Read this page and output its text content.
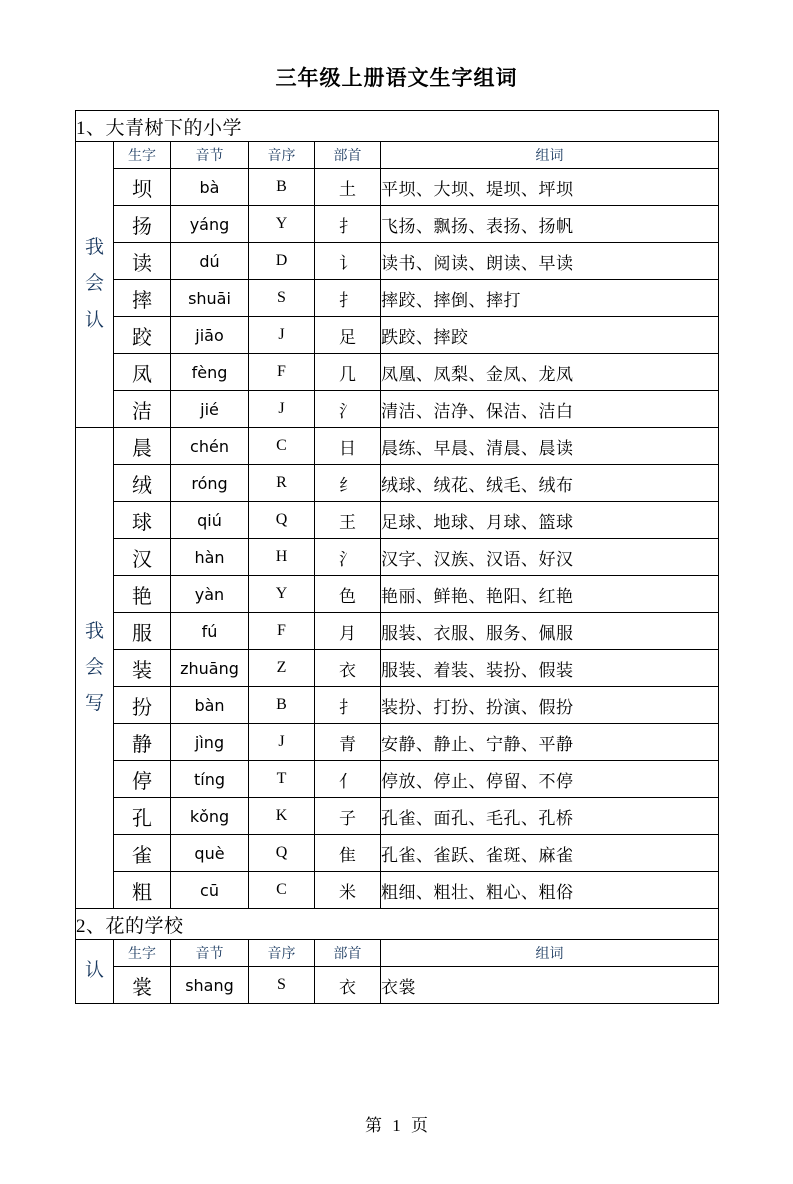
三年级上册语文生字组词
1、大青树下的小学					

我
会
认	生字	音节	音序	部首	组词
	坝	bà	B	土	平坝、大坝、堤坝、坪坝
	扬	yáng	Y	扌	飞扬、飘扬、表扬、扬帆
	读	dú	D	讠	读书、阅读、朗读、早读
	摔	shuāi	S	扌	摔跤、摔倒、摔打
	跤	jiāo	J	足	跌跤、摔跤
	凤	fèng	F	几	凤凰、凤梨、金凤、龙凤
	洁	jié	J	氵	清洁、洁净、保洁、洁白

我
会
写	晨	chén	C	日	晨练、早晨、清晨、晨读
	绒	róng	R	纟	绒球、绒花、绒毛、绒布
	球	qiú	Q	王	足球、地球、月球、篮球
	汉	hàn	H	氵	汉字、汉族、汉语、好汉
	艳	yàn	Y	色	艳丽、鲜艳、艳阳、红艳
	服	fú	F	月	服装、衣服、服务、佩服
	装	zhuāng	Z	衣	服装、着装、装扮、假装
	扮	bàn	B	扌	装扮、打扮、扮演、假扮
	静	jìng	J	青	安静、静止、宁静、平静
	停	tíng	T	亻	停放、停止、停留、不停
	孔	kǒng	K	子	孔雀、面孔、毛孔、孔桥
	雀	què	Q	隹	孔雀、雀跃、雀斑、麻雀
	粗	cū	C	米	粗细、粗壮、粗心、粗俗
2、花的学校					

认	生字	音节	音序	部首	组词
	裳	shang	S	衣	衣裳
第 1 页
